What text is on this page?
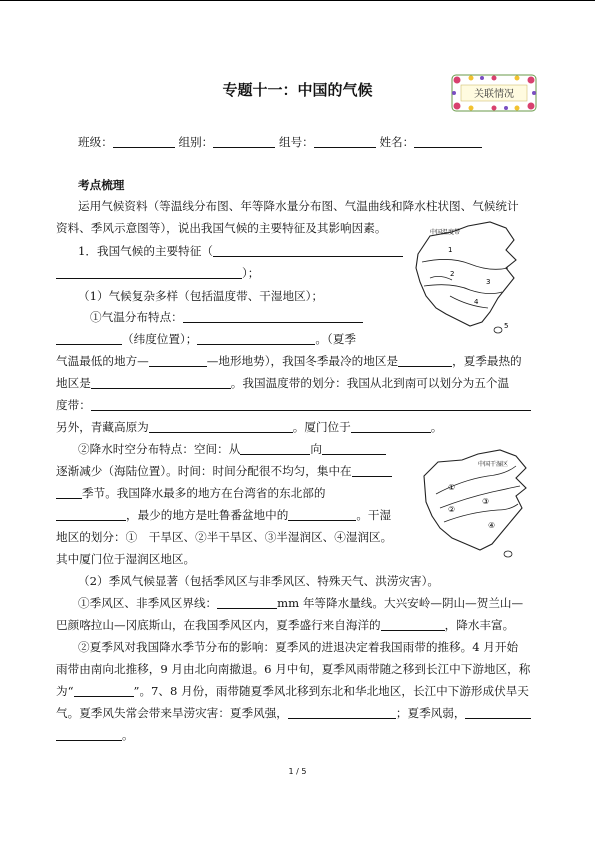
专题十一：中国的气候	关联情况
班级：	组别：	组号：	姓名：
考点梳理
运用气候资料（等温线分布图、年等降水量分布图、气温曲线和降水柱状图、气候统计
资料、季风示意图等），说出我国气候的主要特征及其影响因素。
1．我国气候的主要特征（
）；
（1）气候复杂多样（包括温度带、干湿地区）；
①气温分布特点：
（纬度位置）；	。（夏季
气温最低的地方—	—地形地势），我国冬季最冷的地区是	，夏季最热的
地区是	。我国温度带的划分：我国从北到南可以划分为五个温
度带：
另外，青藏高原为	。厦门位于	。
②降水时空分布特点：空间：从	向
逐渐减少（海陆位置）。时间：时间分配很不均匀，集中在
季节。我国降水最多的地方在台湾省的东北部的
，最少的地方是吐鲁番盆地中的	。干湿
地区的划分：①　干旱区、②半干旱区、③半湿润区、④湿润区。
其中厦门位于湿润区地区。
（2）季风气候显著（包括季风区与非季风区、特殊天气、洪涝灾害）。
①季风区、非季风区界线：	mm 年等降水量线。大兴安岭—阴山—贺兰山—
巴颜喀拉山—冈底斯山，在我国季风区内，夏季盛行来自海洋的	，降水丰富。
②夏季风对我国降水季节分布的影响：夏季风的进退决定着我国雨带的推移。4 月开始
雨带由南向北推移，9 月由北向南撤退。6 月中旬，夏季风雨带随之移到长江中下游地区，称
为“	”。7、8 月份，雨带随夏季风北移到东北和华北地区，长江中下游形成伏旱天
气。夏季风失常会带来旱涝灾害：夏季风强，	；夏季风弱，
。
中国温度带
1
2
3
4
5
中国干湿区
①
②
③
④
1 / 5
